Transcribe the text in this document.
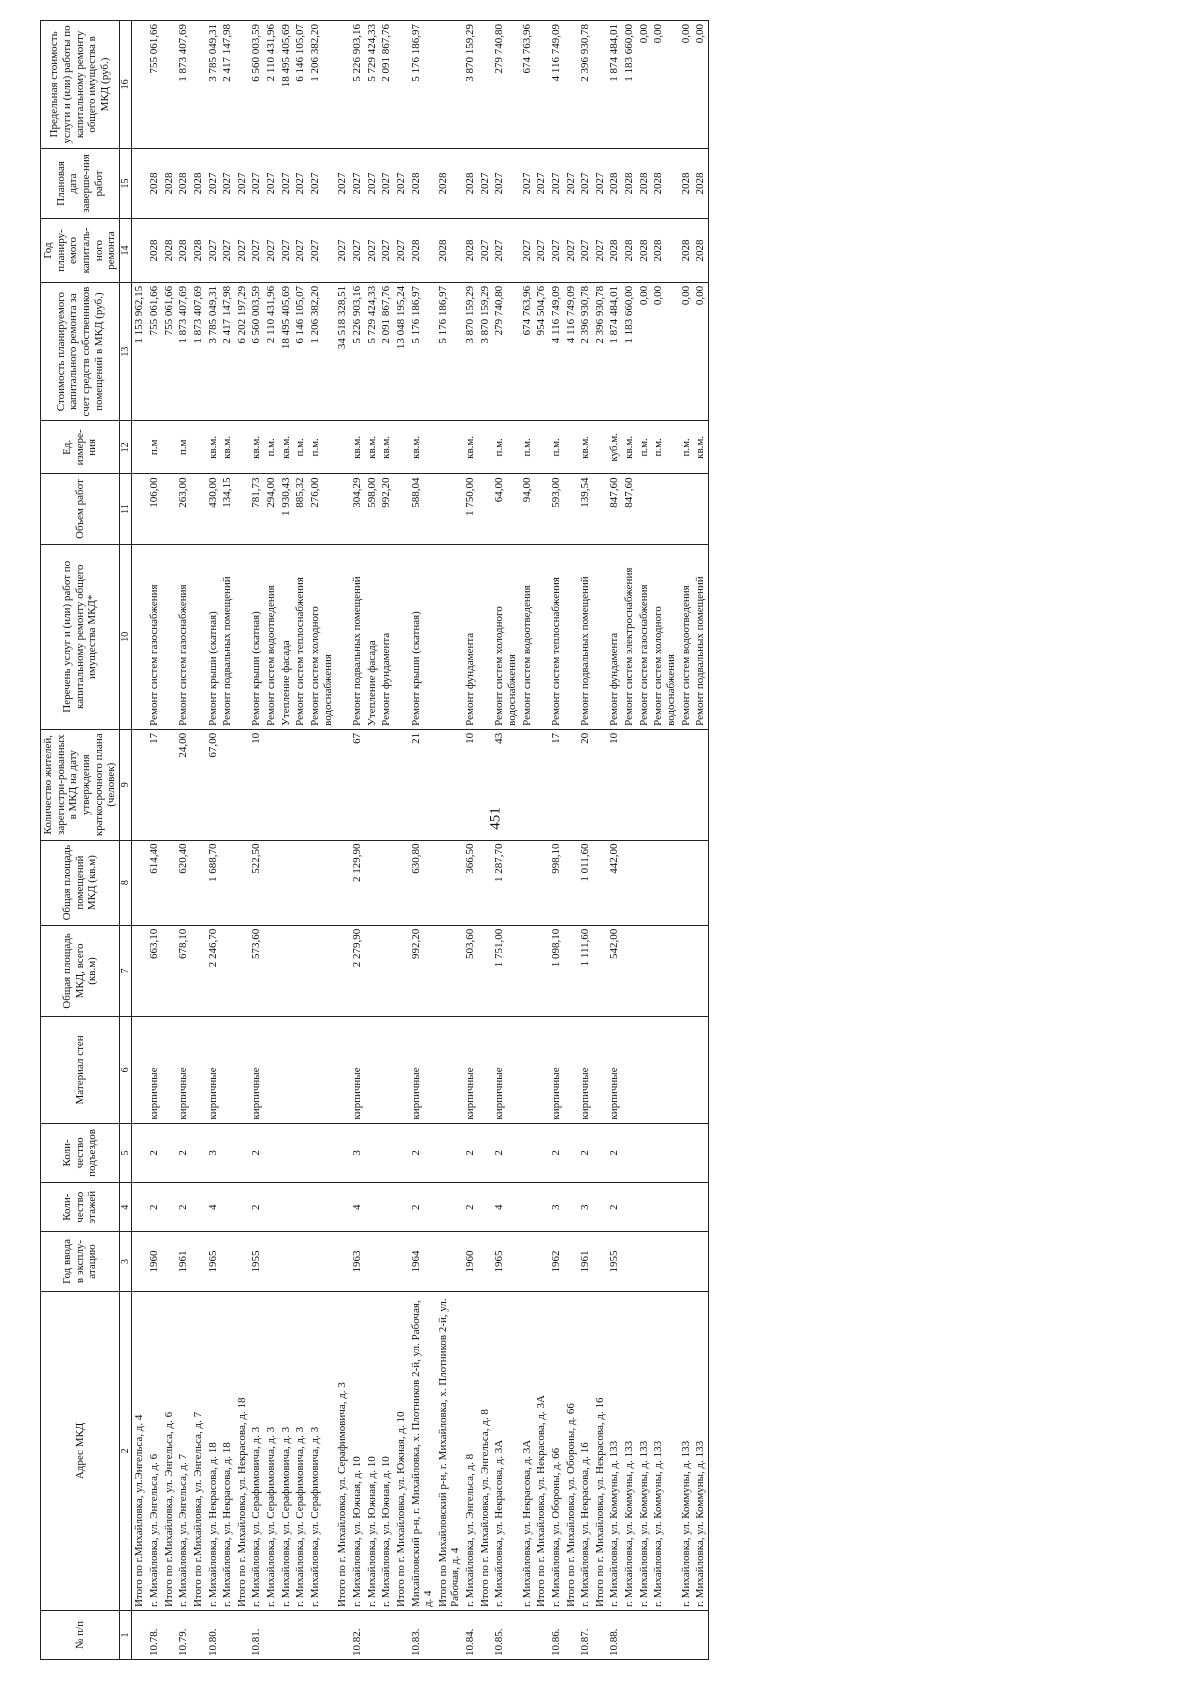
451
№ п/п	Адрес МКД	Год ввода в эксплу-атацию	Коли-чество этажей	Коли-чество подъездов	Материал стен	Общая площадь МКД, всего (кв.м)	Общая площадь помещений МКД (кв.м)	Количество жителей, зарегистри-рованных в МКД на дату утверждения краткосрочного плана (человек)	Перечень услуг и (или) работ по капитальному ремонту общего имущества МКД*	Объем работ	Ед. измере-ния	Стоимость планируемого капитального ремонта за счет средств собственников помещений в МКД (руб.)	Год планиру-емого капиталь-ного ремонта	Плановая дата заверше-ния работ	Предельная стоимость услуги и (или) работы по капитальному ремонту общего имущества в МКД (руб.)
1	2	3	4	5	6	7	8	9	10	11	12	13	14	15	16
	Итого по г.Михайловка, ул.Энгельса, д. 4											1 153 962,15			
10.78.	г. Михайловка, ул. Энгельса, д. 6	1960	2	2	кирпичные	663,10	614,40	17	Ремонт систем газоснабжения	106,00	п.м	755 061,66	2028	2028	755 061,66
	Итого по г.Михайловка, ул. Энгельса, д. 6											755 061,66	2028	2028	
10.79.	г. Михайловка, ул. Энгельса, д. 7	1961	2	2	кирпичные	678,10	620,40	24,00	Ремонт систем газоснабжения	263,00	п.м	1 873 407,69	2028	2028	1 873 407,69
	Итого по г.Михайловка, ул. Энгельса, д. 7											1 873 407,69	2028	2028	
10.80.	г. Михайловка, ул. Некрасова, д. 18	1965	4	3	кирпичные	2 246,70	1 688,70	67,00	Ремонт крыши (скатная)	430,00	кв.м.	3 785 049,31	2027	2027	3 785 049,31
	г. Михайловка, ул. Некрасова, д. 18								Ремонт подвальных помещений	134,15	кв.м.	2 417 147,98	2027	2027	2 417 147,98
	Итого по г. Михайловка, ул. Некрасова, д. 18											6 202 197,29	2027	2027	
10.81.	г. Михайловка, ул. Серафимовича, д. 3	1955	2	2	кирпичные	573,60	522,50	10	Ремонт крыши (скатная)	781,73	кв.м.	6 560 003,59	2027	2027	6 560 003,59
	г. Михайловка, ул. Серафимовича, д. 3								Ремонт систем водоотведения	294,00	п.м.	2 110 431,96	2027	2027	2 110 431,96
	г. Михайловка, ул. Серафимовича, д. 3								Утепление фасада	1 930,43	кв.м.	18 495 405,69	2027	2027	18 495 405,69
	г. Михайловка, ул. Серафимовича, д. 3								Ремонт систем теплоснабжения	885,32	п.м.	6 146 105,07	2027	2027	6 146 105,07
	г. Михайловка, ул. Серафимовича, д. 3								Ремонт систем холодного водоснабжения	276,00	п.м.	1 206 382,20	2027	2027	1 206 382,20
	Итого по г. Михайловка, ул. Серафимовича, д. 3											34 518 328,51	2027	2027	
10.82.	г. Михайловка, ул. Южная, д. 10	1963	4	3	кирпичные	2 279,90	2 129,90	67	Ремонт подвальных помещений	304,29	кв.м.	5 226 903,16	2027	2027	5 226 903,16
	г. Михайловка, ул. Южная, д. 10								Утепление фасада	598,00	кв.м.	5 729 424,33	2027	2027	5 729 424,33
	г. Михайловка, ул. Южная, д. 10								Ремонт фундамента	992,20	кв.м.	2 091 867,76	2027	2027	2 091 867,76
	Итого по г. Михайловка, ул. Южная, д. 10											13 048 195,24	2027	2027	
10.83.	Михайловский р-н, г. Михайловка, х. Плотников 2-й, ул. Рабочая, д. 4	1964	2	2	кирпичные	992,20	630,80	21	Ремонт крыши (скатная)	588,04	кв.м.	5 176 186,97	2028	2028	5 176 186,97
	Итого по Михайловский р-н, г. Михайловка, х. Плотников 2-й, ул. Рабочая, д. 4											5 176 186,97	2028	2028	
10.84.	г. Михайловка, ул. Энгельса, д. 8	1960	2	2	кирпичные	503,60	366,50	10	Ремонт фундамента	1 750,00	кв.м.	3 870 159,29	2028	2028	3 870 159,29
	Итого по г. Михайловка, ул. Энгельса, д. 8											3 870 159,29	2027	2027	
10.85.	г. Михайловка, ул. Некрасова, д. 3А	1965	4	2	кирпичные	1 751,00	1 287,70	43	Ремонт систем холодного водоснабжения	64,00	п.м.	279 740,80	2027	2027	279 740,80
	г. Михайловка, ул. Некрасова, д. 3А								Ремонт систем водоотведения	94,00	п.м.	674 763,96	2027	2027	674 763,96
	Итого по г. Михайловка, ул. Некрасова, д. 3А											954 504,76	2027	2027	
10.86.	г. Михайловка, ул. Обороны, д. 66	1962	3	2	кирпичные	1 098,10	998,10	17	Ремонт систем теплоснабжения	593,00	п.м.	4 116 749,09	2027	2027	4 116 749,09
	Итого по г. Михайловка, ул. Обороны, д. 66											4 116 749,09	2027	2027	
10.87.	г. Михайловка, ул. Некрасова, д. 16	1961	3	2	кирпичные	1 111,60	1 011,60	20	Ремонт подвальных помещений	139,54	кв.м.	2 396 930,78	2027	2027	2 396 930,78
	Итого по г. Михайловка, ул. Некрасова, д. 16											2 396 930,78	2027	2027	
10.88.	г. Михайловка, ул. Коммуны, д. 133	1955	2	2	кирпичные	542,00	442,00	10	Ремонт фундамента	847,60	куб.м.	1 874 484,01	2028	2028	1 874 484,01
	г. Михайловка, ул. Коммуны, д. 133								Ремонт систем электроснабжения	847,60	кв.м.	1 183 660,00	2028	2028	1 183 660,00
	г. Михайловка, ул. Коммуны, д. 133								Ремонт систем газоснабжения		п.м.	0,00	2028	2028	0,00
	г. Михайловка, ул. Коммуны, д. 133								Ремонт систем холодного водоснабжения		п.м.	0,00	2028	2028	0,00
	г. Михайловка, ул. Коммуны, д. 133								Ремонт систем водоотведения		п.м.	0,00	2028	2028	0,00
	г. Михайловка, ул. Коммуны, д. 133								Ремонт подвальных помещений		кв.м.	0,00	2028	2028	0,00
